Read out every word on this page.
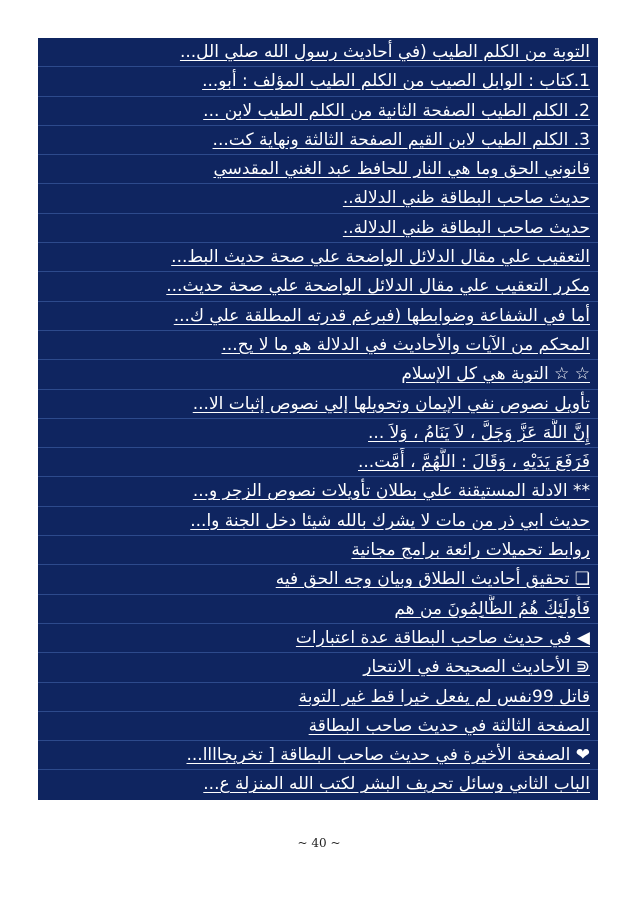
التوبة من الكلم الطيب (في أحاديث رسول الله صلي الل...
1.كتاب : الوابل الصيب من الكلم الطيب المؤلف : أبو...
2. الكلم الطيب الصفحة الثانية من الكلم الطيب لابن ...
3. الكلم الطيب لابن القيم الصفحة الثالثة ونهاية كت...
قانوني الحق وما هي النار للحافظ عبد الغني المقدسي
حديث صاحب البطاقة ظني الدلالة..
حديث صاحب البطاقة ظني الدلالة..
التعقيب علي مقال الدلائل الواضحة علي صحة حديث البط...
مكرر التعقيب علي مقال الدلائل الواضحة علي صحة حديث...
أما في الشفاعة وضوابطها (فبرغم قدرته المطلقة علي ك...
المحكم من الآيات والأحاديث في الدلالة هو ما لا يح...
☆ ☆ التوبة هي كل الإسلام
تأويل نصوص نفي الإيمان وتحويلها إلي نصوص إثبات الا...
إِنَّ اللَّهَ عَزَّ وَجَلَّ ، لاَ يَنَامُ ، وَلاَ ...
فَرَفَعَ يَدَيْهِ ، وَقَالَ : اللَّهُمَّ ، أَمَّت...
** الادلة المستيقنة علي بطلان تأويلات نصوص الزجر و...
حديث ابي ذر من مات لا يشرك بالله شيئا دخل الجنة وا...
روابط تحميلات رائعة برامج مجانية
❏ تحقيق أحاديث الطلاق وبيان وجه الحق فيه
فَأُولَئِكَ هُمُ الظَّالِمُونَ من هم
◀ في حديث صاحب البطاقة عدة اعتبارات
⋐ الأحاديث الصحيحة في الانتحار
قاتل 99نفس لم يفعل خيرا قط غير التوبة
الصفحة الثالثة في حديث صاحب البطاقة
❤ الصفحة الأخيرة في حديث صاحب البطاقة [ تخريجاااا...
الباب الثاني وسائل تحريف البشر لكتب الله المنزلة ع...
~ 40 ~
